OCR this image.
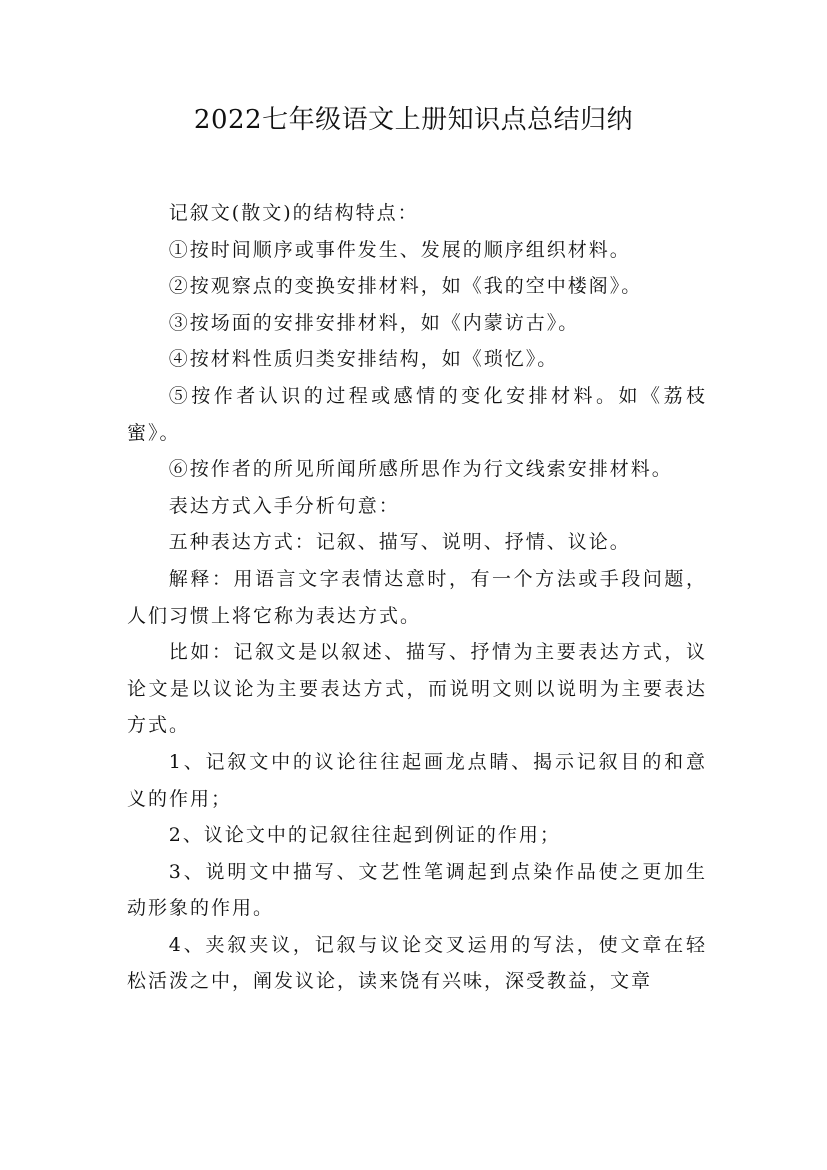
2022七年级语文上册知识点总结归纳

记叙文(散文)的结构特点：

①按时间顺序或事件发生、发展的顺序组织材料。

②按观察点的变换安排材料，如《我的空中楼阁》。

③按场面的安排安排材料，如《内蒙访古》。

④按材料性质归类安排结构，如《琐忆》。

⑤按作者认识的过程或感情的变化安排材料。如《荔枝蜜》。

⑥按作者的所见所闻所感所思作为行文线索安排材料。

表达方式入手分析句意：

五种表达方式：记叙、描写、说明、抒情、议论。

解释：用语言文字表情达意时，有一个方法或手段问题，人们习惯上将它称为表达方式。

比如：记叙文是以叙述、描写、抒情为主要表达方式，议论文是以议论为主要表达方式，而说明文则以说明为主要表达方式。

1、记叙文中的议论往往起画龙点睛、揭示记叙目的和意义的作用；

2、议论文中的记叙往往起到例证的作用；

3、说明文中描写、文艺性笔调起到点染作品使之更加生动形象的作用。

4、夹叙夹议，记叙与议论交叉运用的写法，使文章在轻松活泼之中，阐发议论，读来饶有兴味，深受教益，文章
